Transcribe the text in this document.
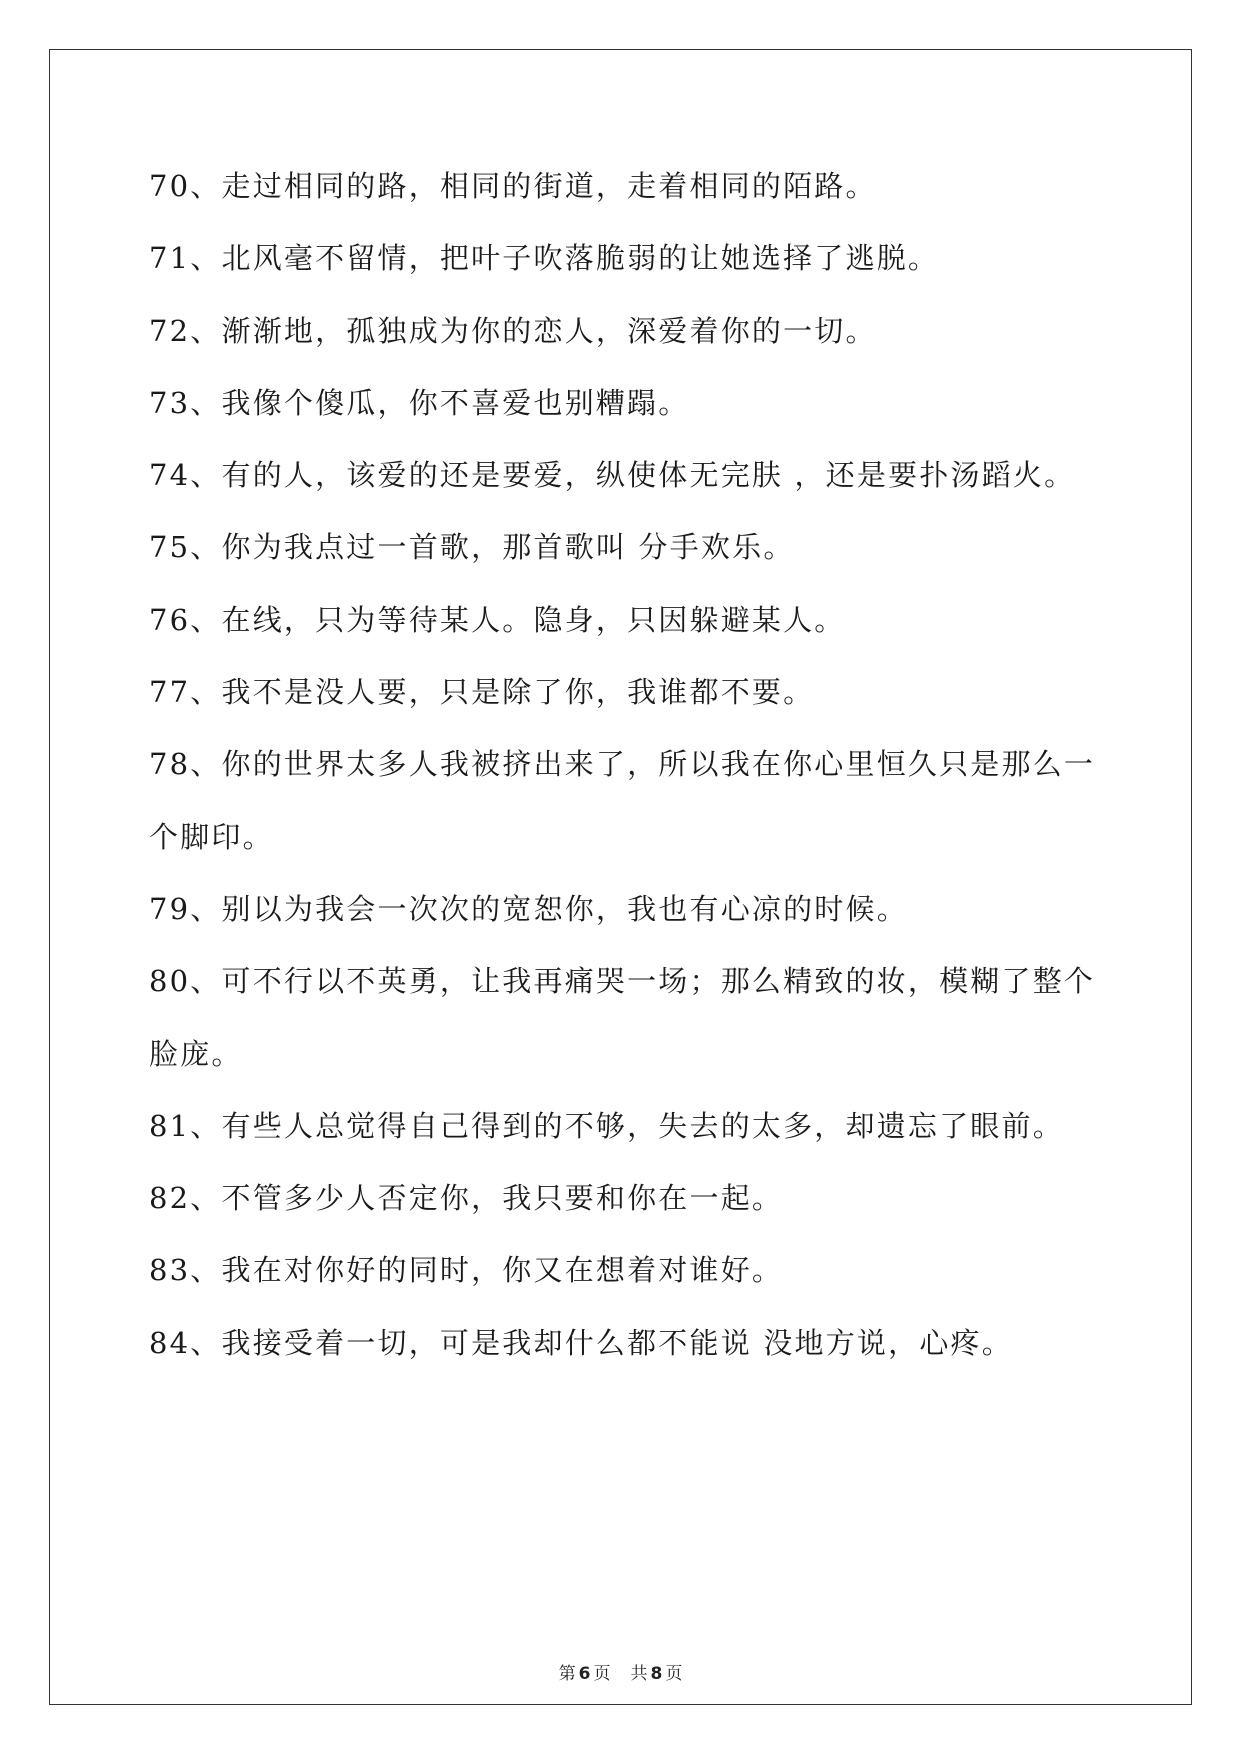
70、走过相同的路，相同的街道，走着相同的陌路。
71、北风毫不留情，把叶子吹落脆弱的让她选择了逃脱。
72、渐渐地，孤独成为你的恋人，深爱着你的一切。
73、我像个傻瓜，你不喜爱也别糟蹋。
74、有的人，该爱的还是要爱，纵使体无完肤 ，还是要扑汤蹈火。
75、你为我点过一首歌，那首歌叫 分手欢乐。
76、在线，只为等待某人。隐身，只因躲避某人。
77、我不是没人要，只是除了你，我谁都不要。
78、你的世界太多人我被挤出来了，所以我在你心里恒久只是那么一
个脚印。
79、别以为我会一次次的宽恕你，我也有心凉的时候。
80、可不行以不英勇，让我再痛哭一场；那么精致的妆，模糊了整个
脸庞。
81、有些人总觉得自己得到的不够，失去的太多，却遗忘了眼前。
82、不管多少人否定你，我只要和你在一起。
83、我在对你好的同时，你又在想着对谁好。
84、我接受着一切，可是我却什么都不能说 没地方说，心疼。
第 6 页 共 8 页
